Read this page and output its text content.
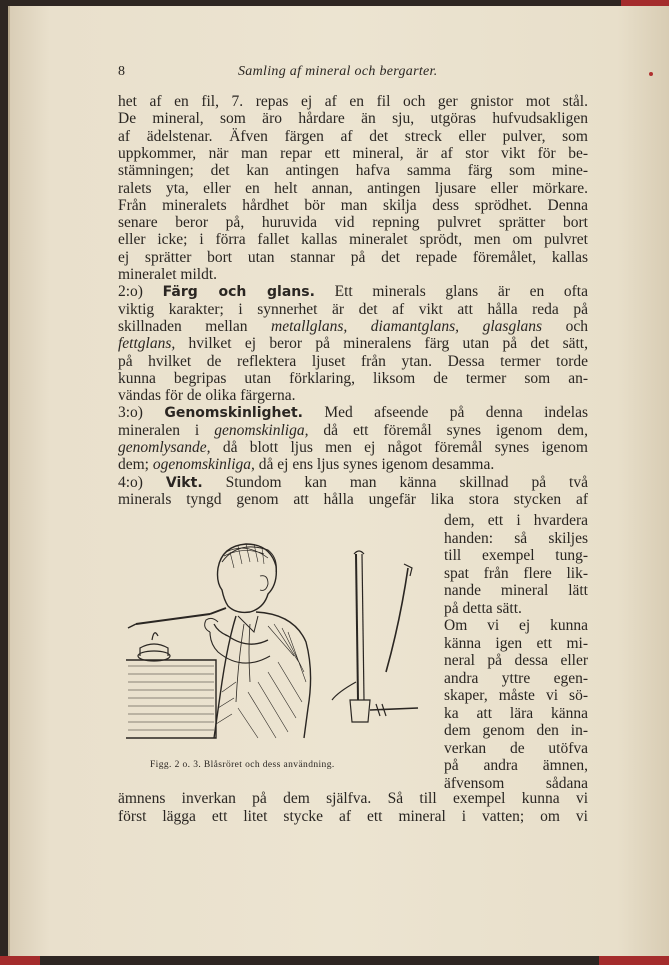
8	Samling af mineral och bergarter.
het af en fil, 7. repas ej af en fil och ger gnistor mot stål.
De mineral, som äro hårdare än sju, utgöras hufvudsakligen
af ädelstenar. Äfven färgen af det streck eller pulver, som
uppkommer, när man repar ett mineral, är af stor vikt för be-
stämningen; det kan antingen hafva samma färg som mine-
ralets yta, eller en helt annan, antingen ljusare eller mörkare.
Från mineralets hårdhet bör man skilja dess sprödhet. Denna
senare beror på, huruvida vid repning pulvret sprätter bort
eller icke; i förra fallet kallas mineralet sprödt, men om pulvret
ej sprätter bort utan stannar på det repade föremålet, kallas
mineralet mildt.
2:o) Färg och glans. Ett minerals glans är en ofta
viktig karakter; i synnerhet är det af vikt att hålla reda på
skillnaden mellan metallglans, diamantglans, glasglans och
fettglans, hvilket ej beror på mineralens färg utan på det sätt,
på hvilket de reflektera ljuset från ytan. Dessa termer torde
kunna begripas utan förklaring, liksom de termer som an-
vändas för de olika färgerna.
3:o) Genomskinlighet. Med afseende på denna indelas
mineralen i genomskinliga, då ett föremål synes igenom dem,
genomlysande, då blott ljus men ej något föremål synes igenom
dem; ogenomskinliga, då ej ens ljus synes igenom desamma.
4:o) Vikt. Stundom kan man känna skillnad på två
minerals tyngd genom att hålla ungefär lika stora stycken af
dem, ett i hvardera
handen: så skiljes
till exempel tung-
spat från flere lik-
nande mineral lätt
på detta sätt.
Om vi ej kunna
känna igen ett mi-
neral på dessa eller
andra yttre egen-
skaper, måste vi sö-
ka att lära känna
dem genom den in-
verkan de utöfva
på andra ämnen,
äfvensom sådana
ämnens inverkan på dem själfva. Så till exempel kunna vi
först lägga ett litet stycke af ett mineral i vatten; om vi
Figg. 2 o. 3. Blåsröret och dess användning.
